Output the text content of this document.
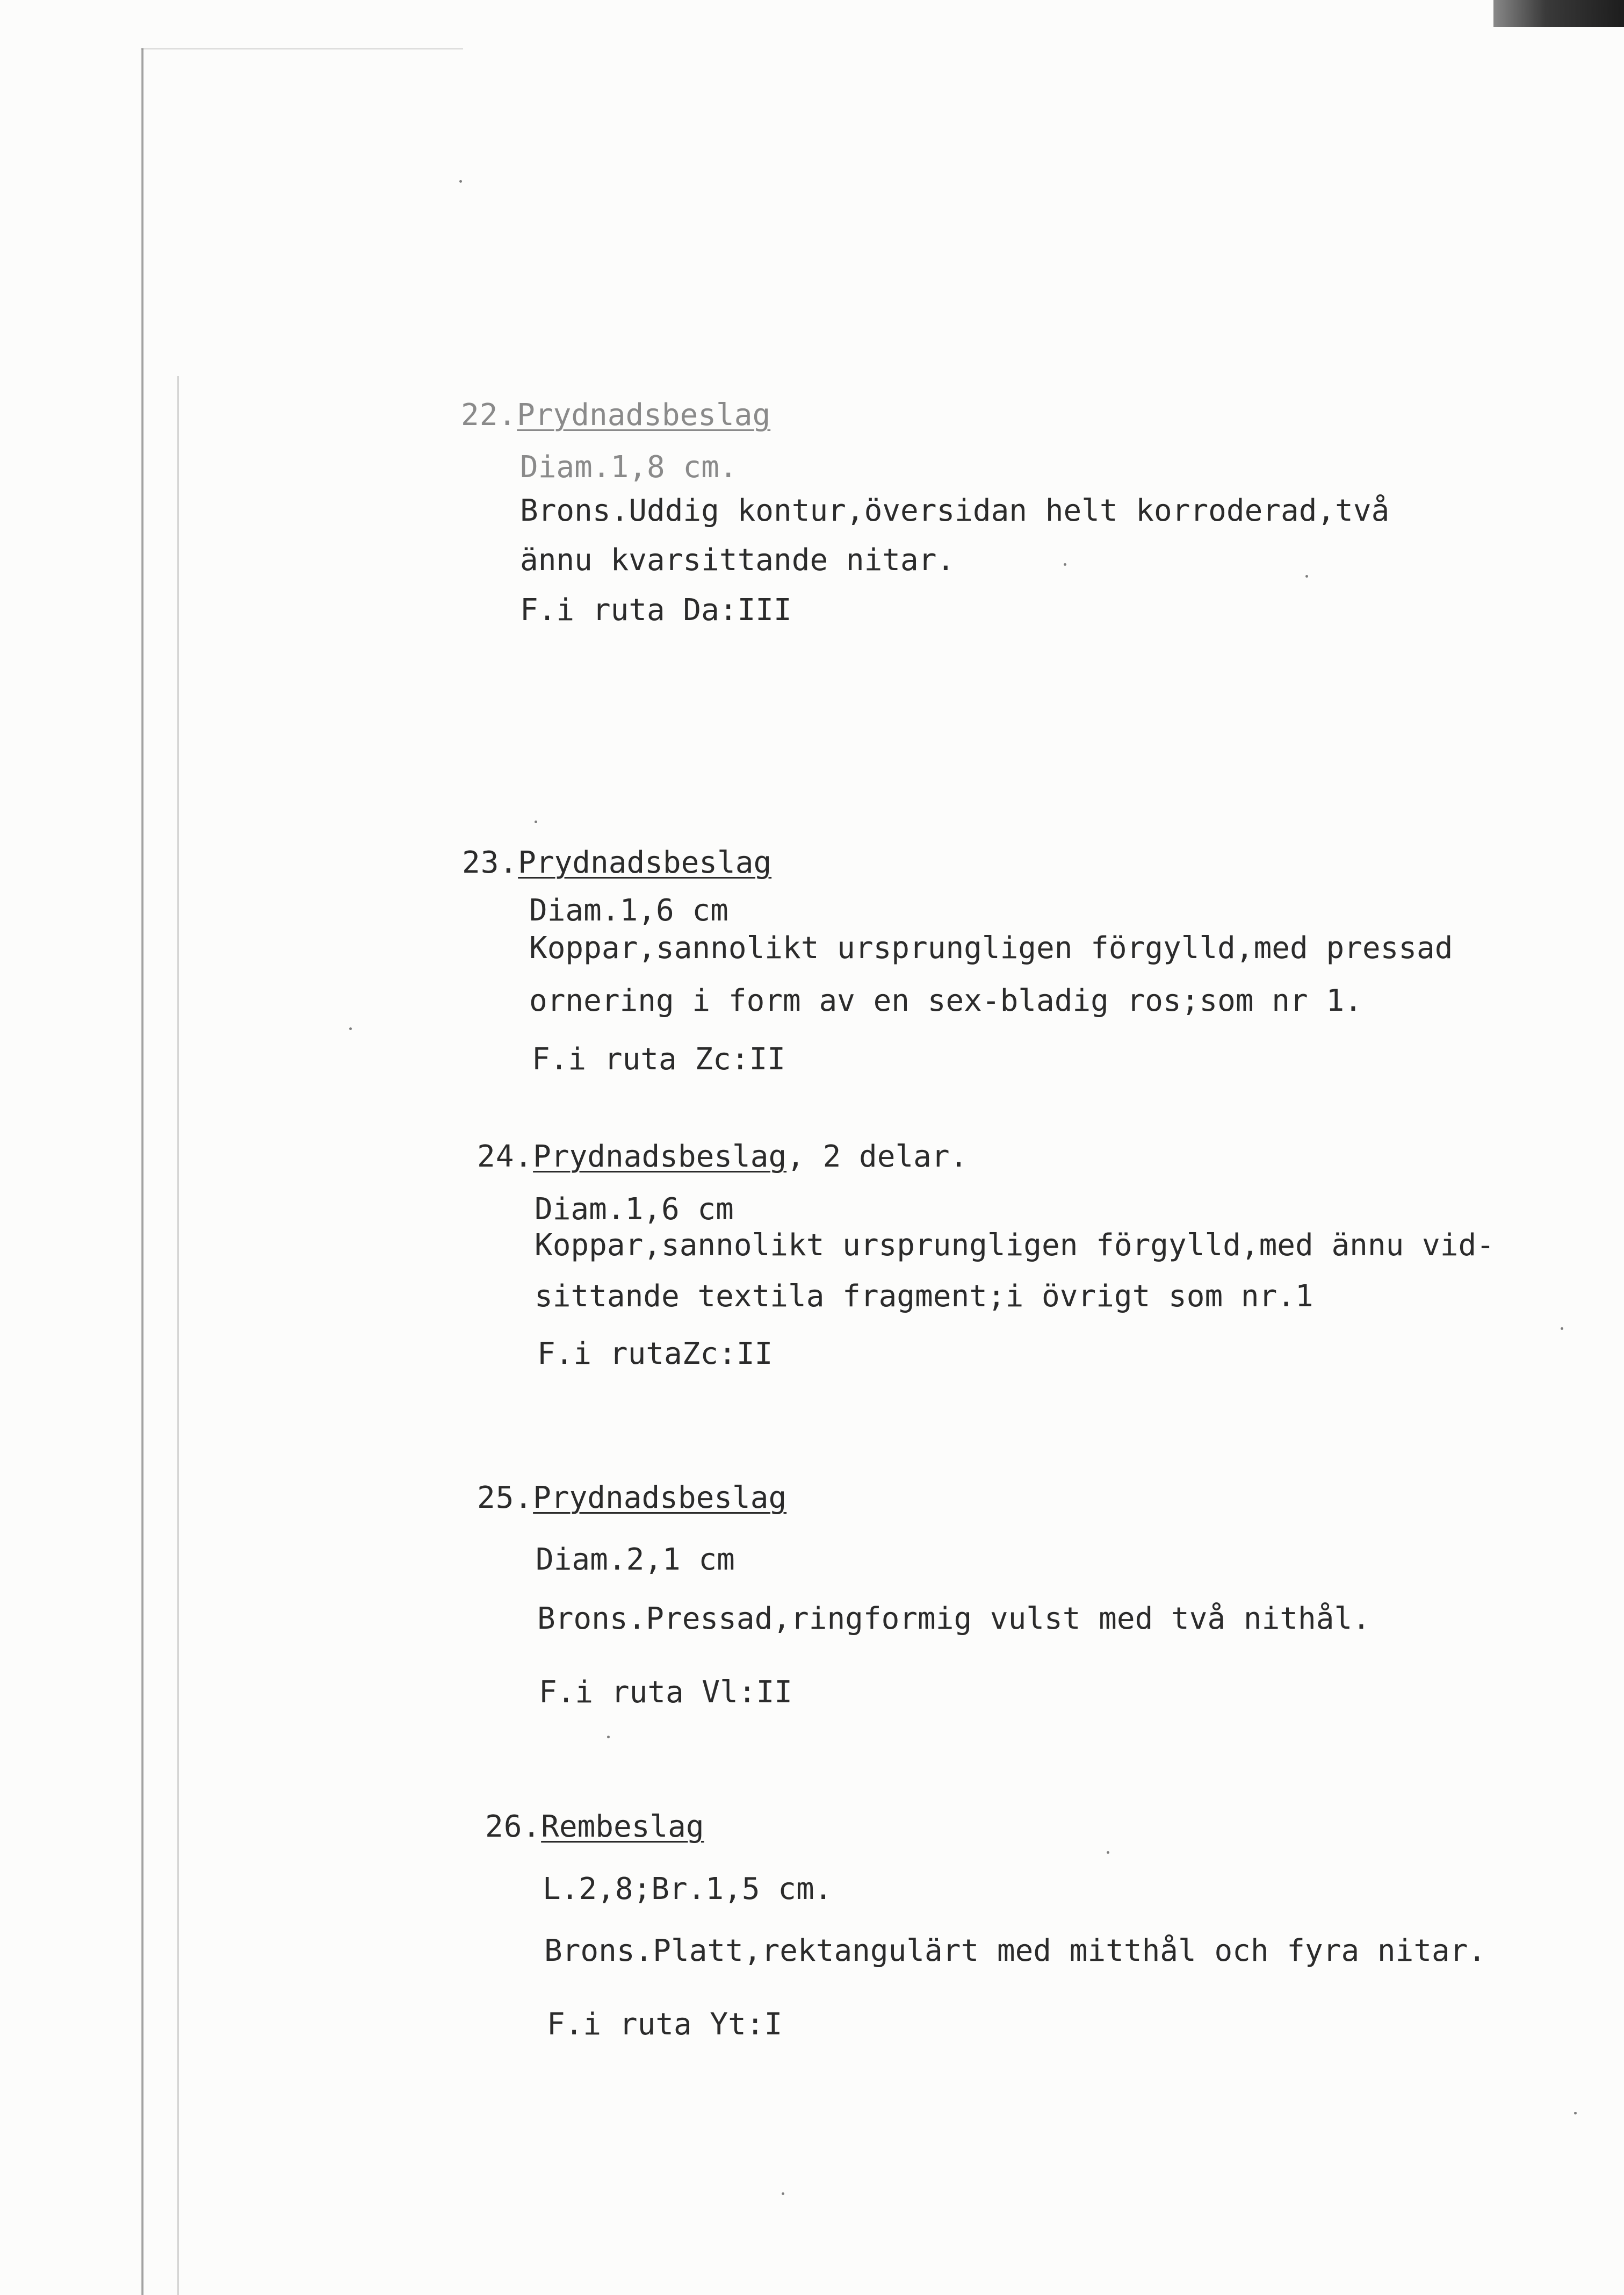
22.Prydnadsbeslag
Diam.1,8 cm.
Brons.Uddig kontur,översidan helt korroderad,två
ännu kvarsittande nitar.
F.i ruta Da:III
23.Prydnadsbeslag
Diam.1,6 cm
Koppar,sannolikt ursprungligen förgylld,med pressad
ornering i form av en sex-bladig ros;som nr 1.
F.i ruta Zc:II
24.Prydnadsbeslag, 2 delar.
Diam.1,6 cm
Koppar,sannolikt ursprungligen förgylld,med ännu vid-
sittande textila fragment;i övrigt som nr.1
F.i rutaZc:II
25.Prydnadsbeslag
Diam.2,1 cm
Brons.Pressad,ringformig vulst med två nithål.
F.i ruta Vl:II
26.Rembeslag
L.2,8;Br.1,5 cm.
Brons.Platt,rektangulärt med mitthål och fyra nitar.
F.i ruta Yt:I
